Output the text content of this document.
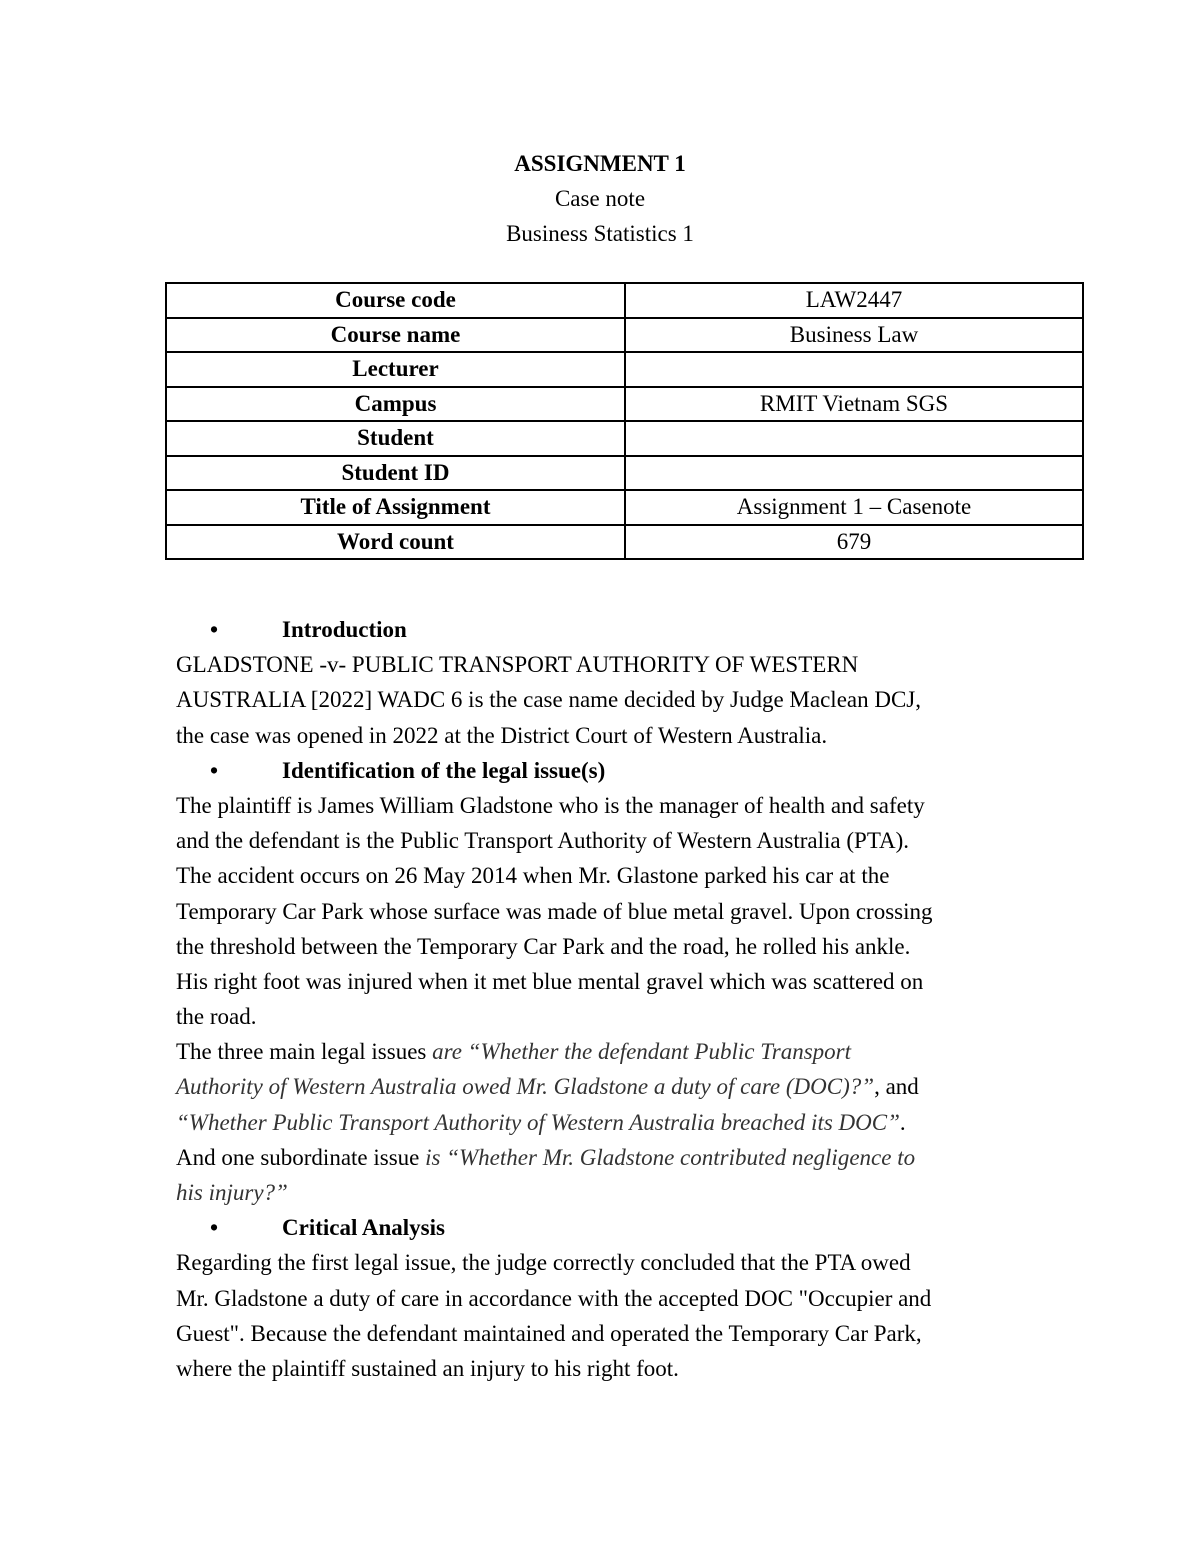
ASSIGNMENT 1
Case note
Business Statistics 1
Course code	LAW2447
Course name	Business Law
Lecturer	
Campus	RMIT Vietnam SGS
Student	
Student ID	
Title of Assignment	Assignment 1 – Casenote
Word count	679
•	Introduction
GLADSTONE -v- PUBLIC TRANSPORT AUTHORITY OF WESTERN
AUSTRALIA [2022] WADC 6 is the case name decided by Judge Maclean DCJ,
the case was opened in 2022 at the District Court of Western Australia.
•	Identification of the legal issue(s)
The plaintiff is James William Gladstone who is the manager of health and safety
and the defendant is the Public Transport Authority of Western Australia (PTA).
The accident occurs on 26 May 2014 when Mr. Glastone parked his car at the
Temporary Car Park whose surface was made of blue metal gravel. Upon crossing
the threshold between the Temporary Car Park and the road, he rolled his ankle.
His right foot was injured when it met blue mental gravel which was scattered on
the road.
The three main legal issues are “Whether the defendant Public Transport
Authority of Western Australia owed Mr. Gladstone a duty of care (DOC)?”, and
“Whether Public Transport Authority of Western Australia breached its DOC”.
And one subordinate issue is “Whether Mr. Gladstone contributed negligence to
his injury?”
•	Critical Analysis
Regarding the first legal issue, the judge correctly concluded that the PTA owed
Mr. Gladstone a duty of care in accordance with the accepted DOC "Occupier and
Guest". Because the defendant maintained and operated the Temporary Car Park,
where the plaintiff sustained an injury to his right foot.
